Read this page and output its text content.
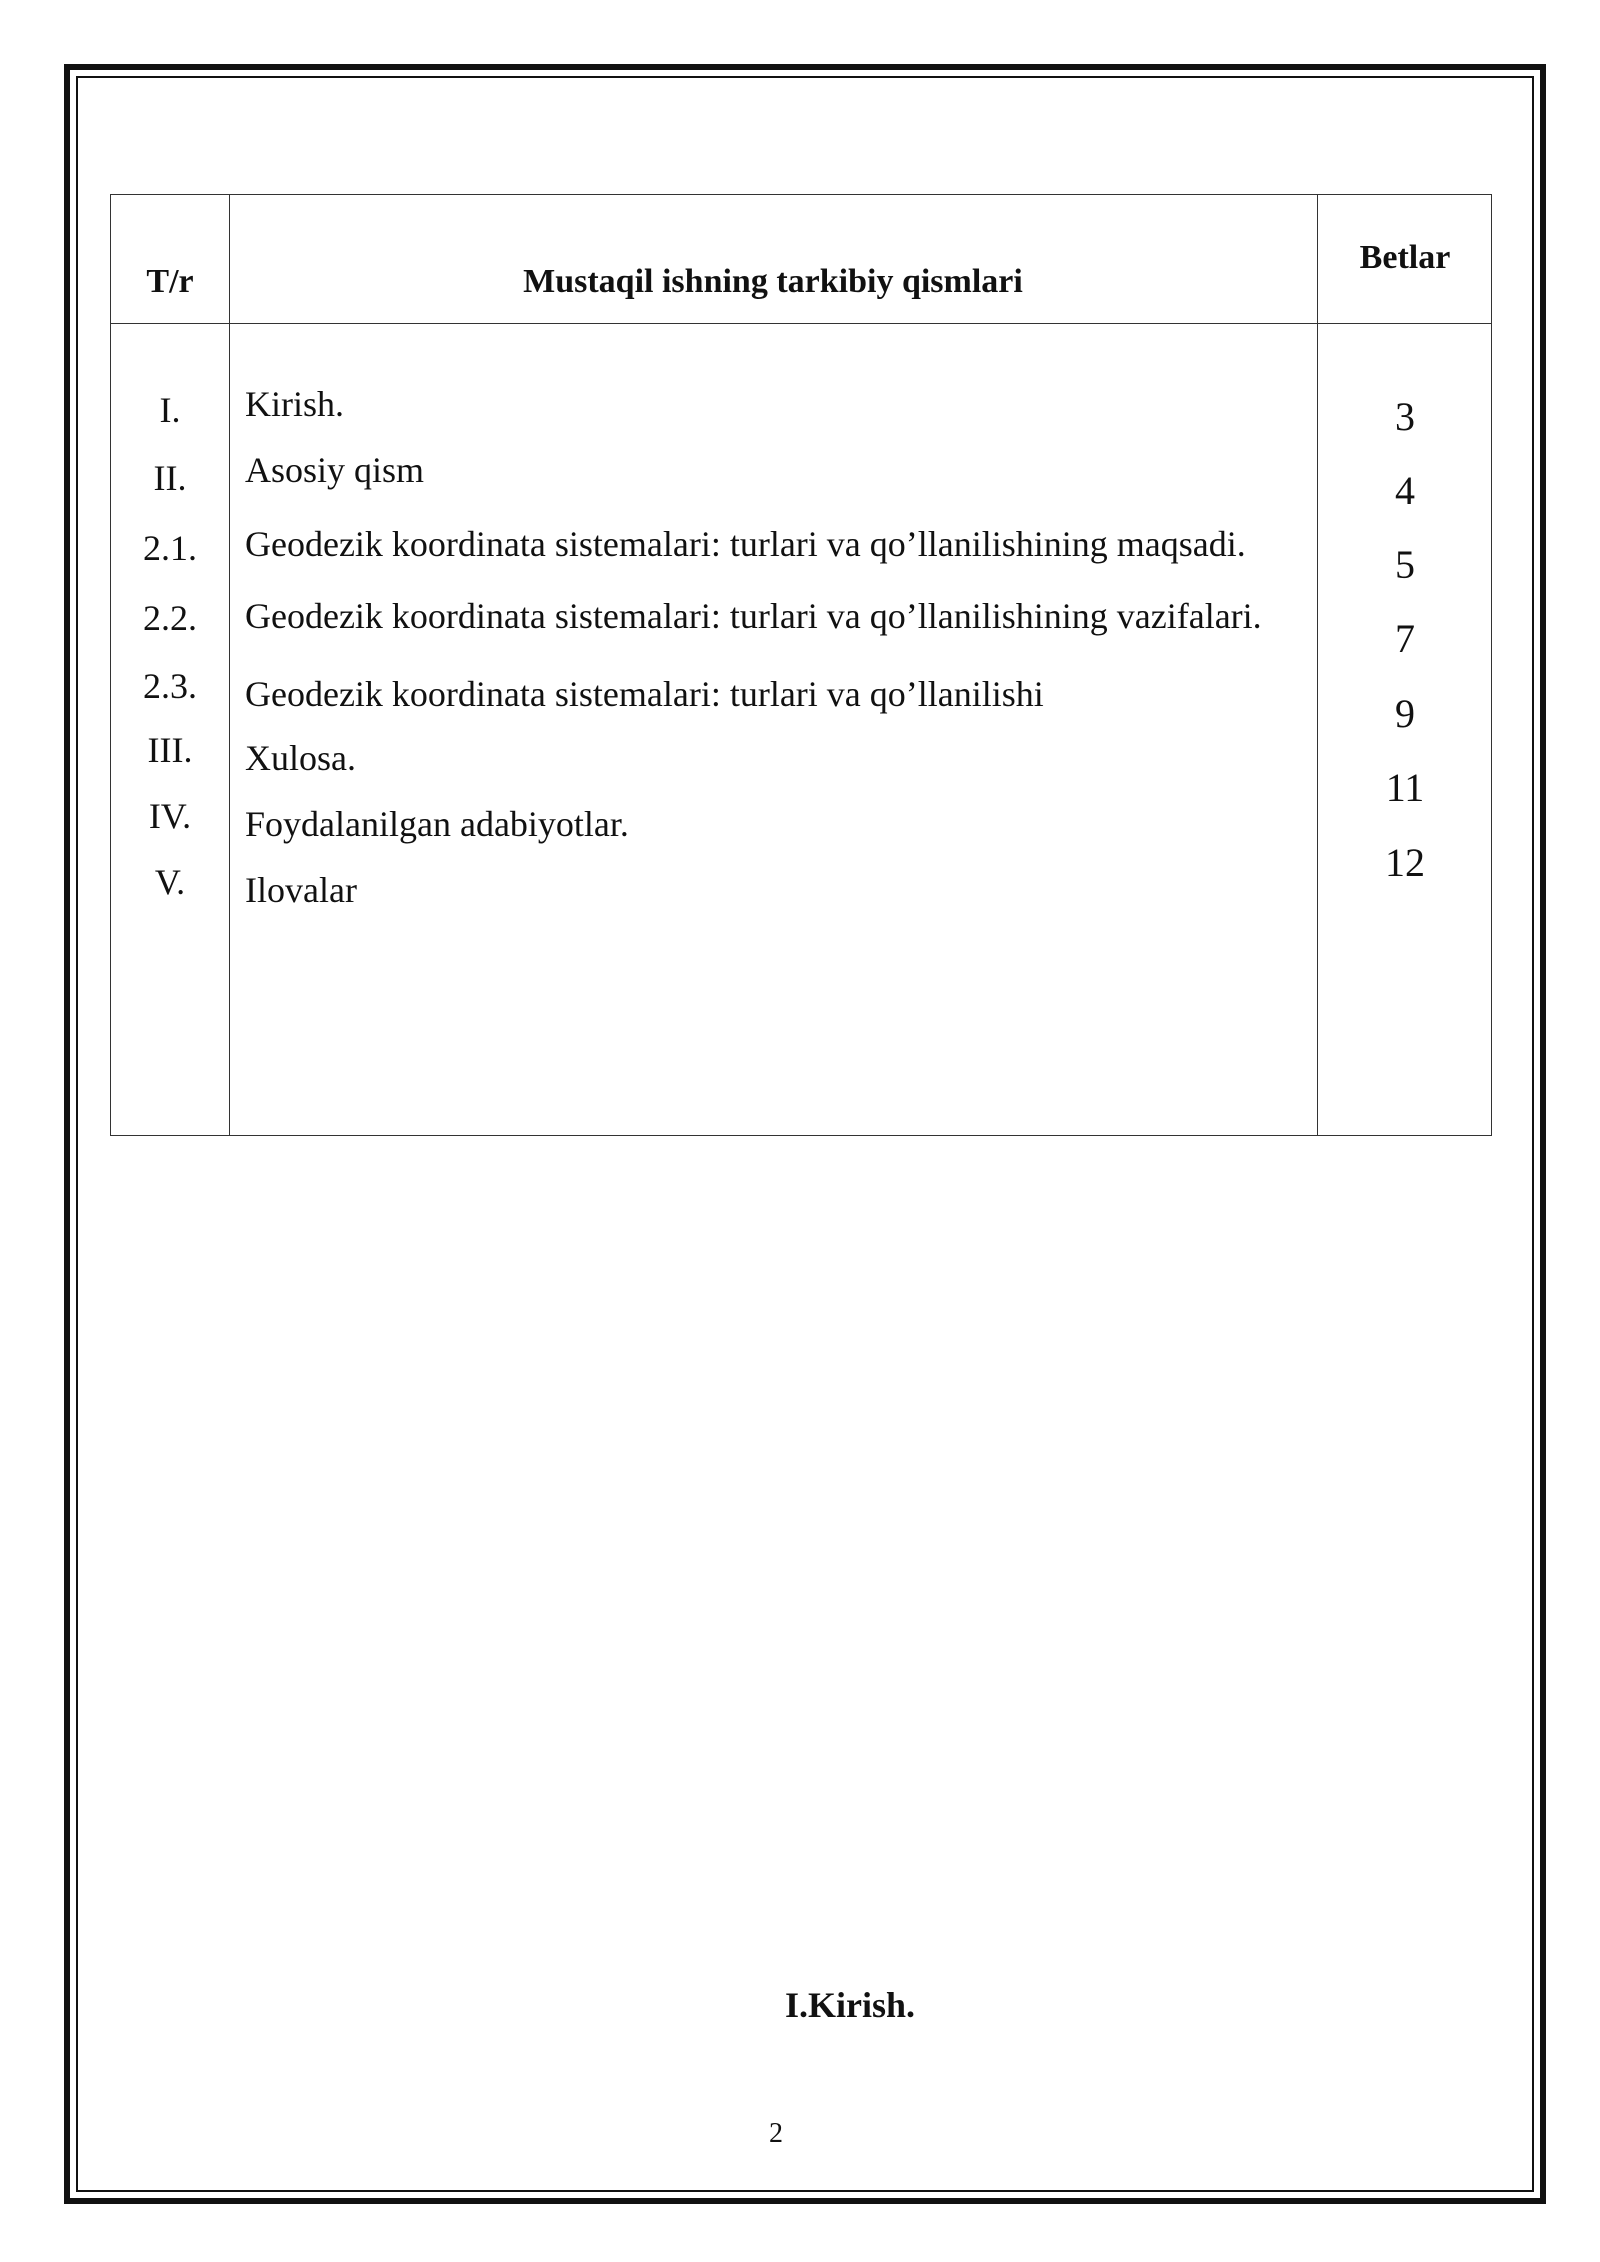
T/r	Mustaqil ishning tarkibiy qismlari
Betlar
I.
II.
2.1.
2.2.
2.3.
III.
IV.
V.
Kirish.
Asosiy qism
Geodezik koordinata sistemalari: turlari va qo’llanilishining maqsadi.
Geodezik koordinata sistemalari: turlari va qo’llanilishining vazifalari.
Geodezik koordinata sistemalari: turlari va qo’llanilishi
Xulosa.
Foydalanilgan adabiyotlar.
Ilovalar
3
4
5
7
9
11
12
I.Kirish.
2
